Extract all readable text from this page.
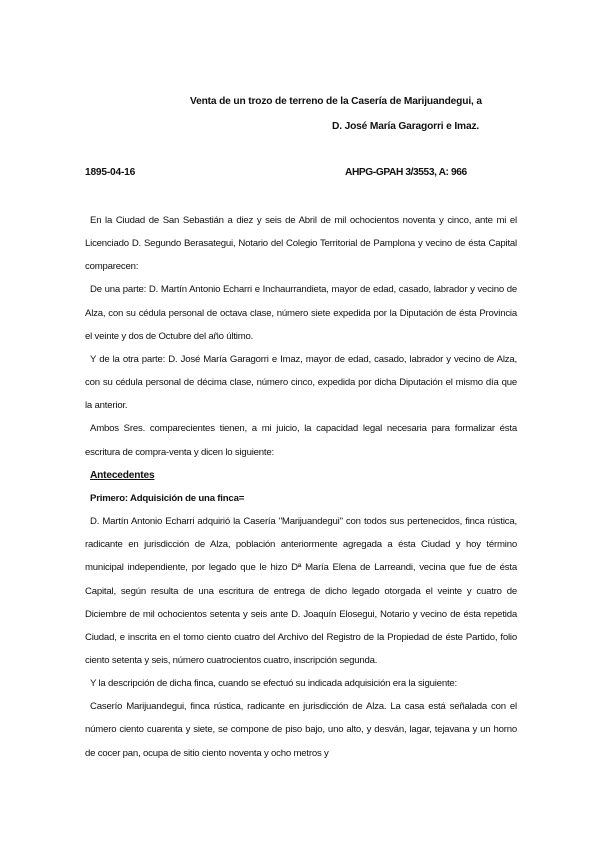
Venta de un trozo de terreno de la Casería de Marijuandegui, a
D. José María Garagorri e Imaz.
1895-04-16	AHPG-GPAH 3/3553, A: 966

En la Ciudad de San Sebastián a diez y seis de Abril de mil ochocientos noventa y cinco, ante mi el Licenciado D. Segundo Berasategui, Notario del Colegio Territorial de Pamplona y vecino de ésta Capital comparecen:

De una parte: D. Martín Antonio Echarri e Inchaurrandieta, mayor de edad, casado, labrador y vecino de Alza, con su cédula personal de octava clase, número siete expedida por la Diputación de ésta Provincia el veinte y dos de Octubre del año último.

Y de la otra parte: D. José María Garagorri e Imaz, mayor de edad, casado, labrador y vecino de Alza, con su cédula personal de décima clase, número cinco, expedida por dicha Diputación el mismo día que la anterior.

Ambos Sres. comparecientes tienen, a mi juicio, la capacidad legal necesaria para formalizar ésta escritura de compra-venta y dicen lo siguiente:

Antecedentes

Primero: Adquisición de una finca=

D. Martín Antonio Echarri adquirió la Casería "Marijuandegui" con todos sus pertenecidos, finca rústica, radicante en jurisdicción de Alza, población anteriormente agregada a ésta Ciudad y hoy término municipal independiente, por legado que le hizo Dª María Elena de Larreandi, vecina que fue de ésta Capital, según resulta de una escritura de entrega de dicho legado otorgada el veinte y cuatro de Diciembre de mil ochocientos setenta y seis ante D. Joaquín Elosegui, Notario y vecino de ésta repetida Ciudad, e inscrita en el tomo ciento cuatro del Archivo del Registro de la Propiedad de éste Partido, folio ciento setenta y seis, número cuatrocientos cuatro, inscripción segunda.

Y la descripción de dicha finca, cuando se efectuó su indicada adquisición era la siguiente:

Caserío Marijuandegui, finca rústica, radicante en jurisdicción de Alza. La casa está señalada con el número ciento cuarenta y siete, se compone de piso bajo, uno alto, y desván, lagar, tejavana y un horno de cocer pan, ocupa de sitio ciento noventa y ocho metros y
